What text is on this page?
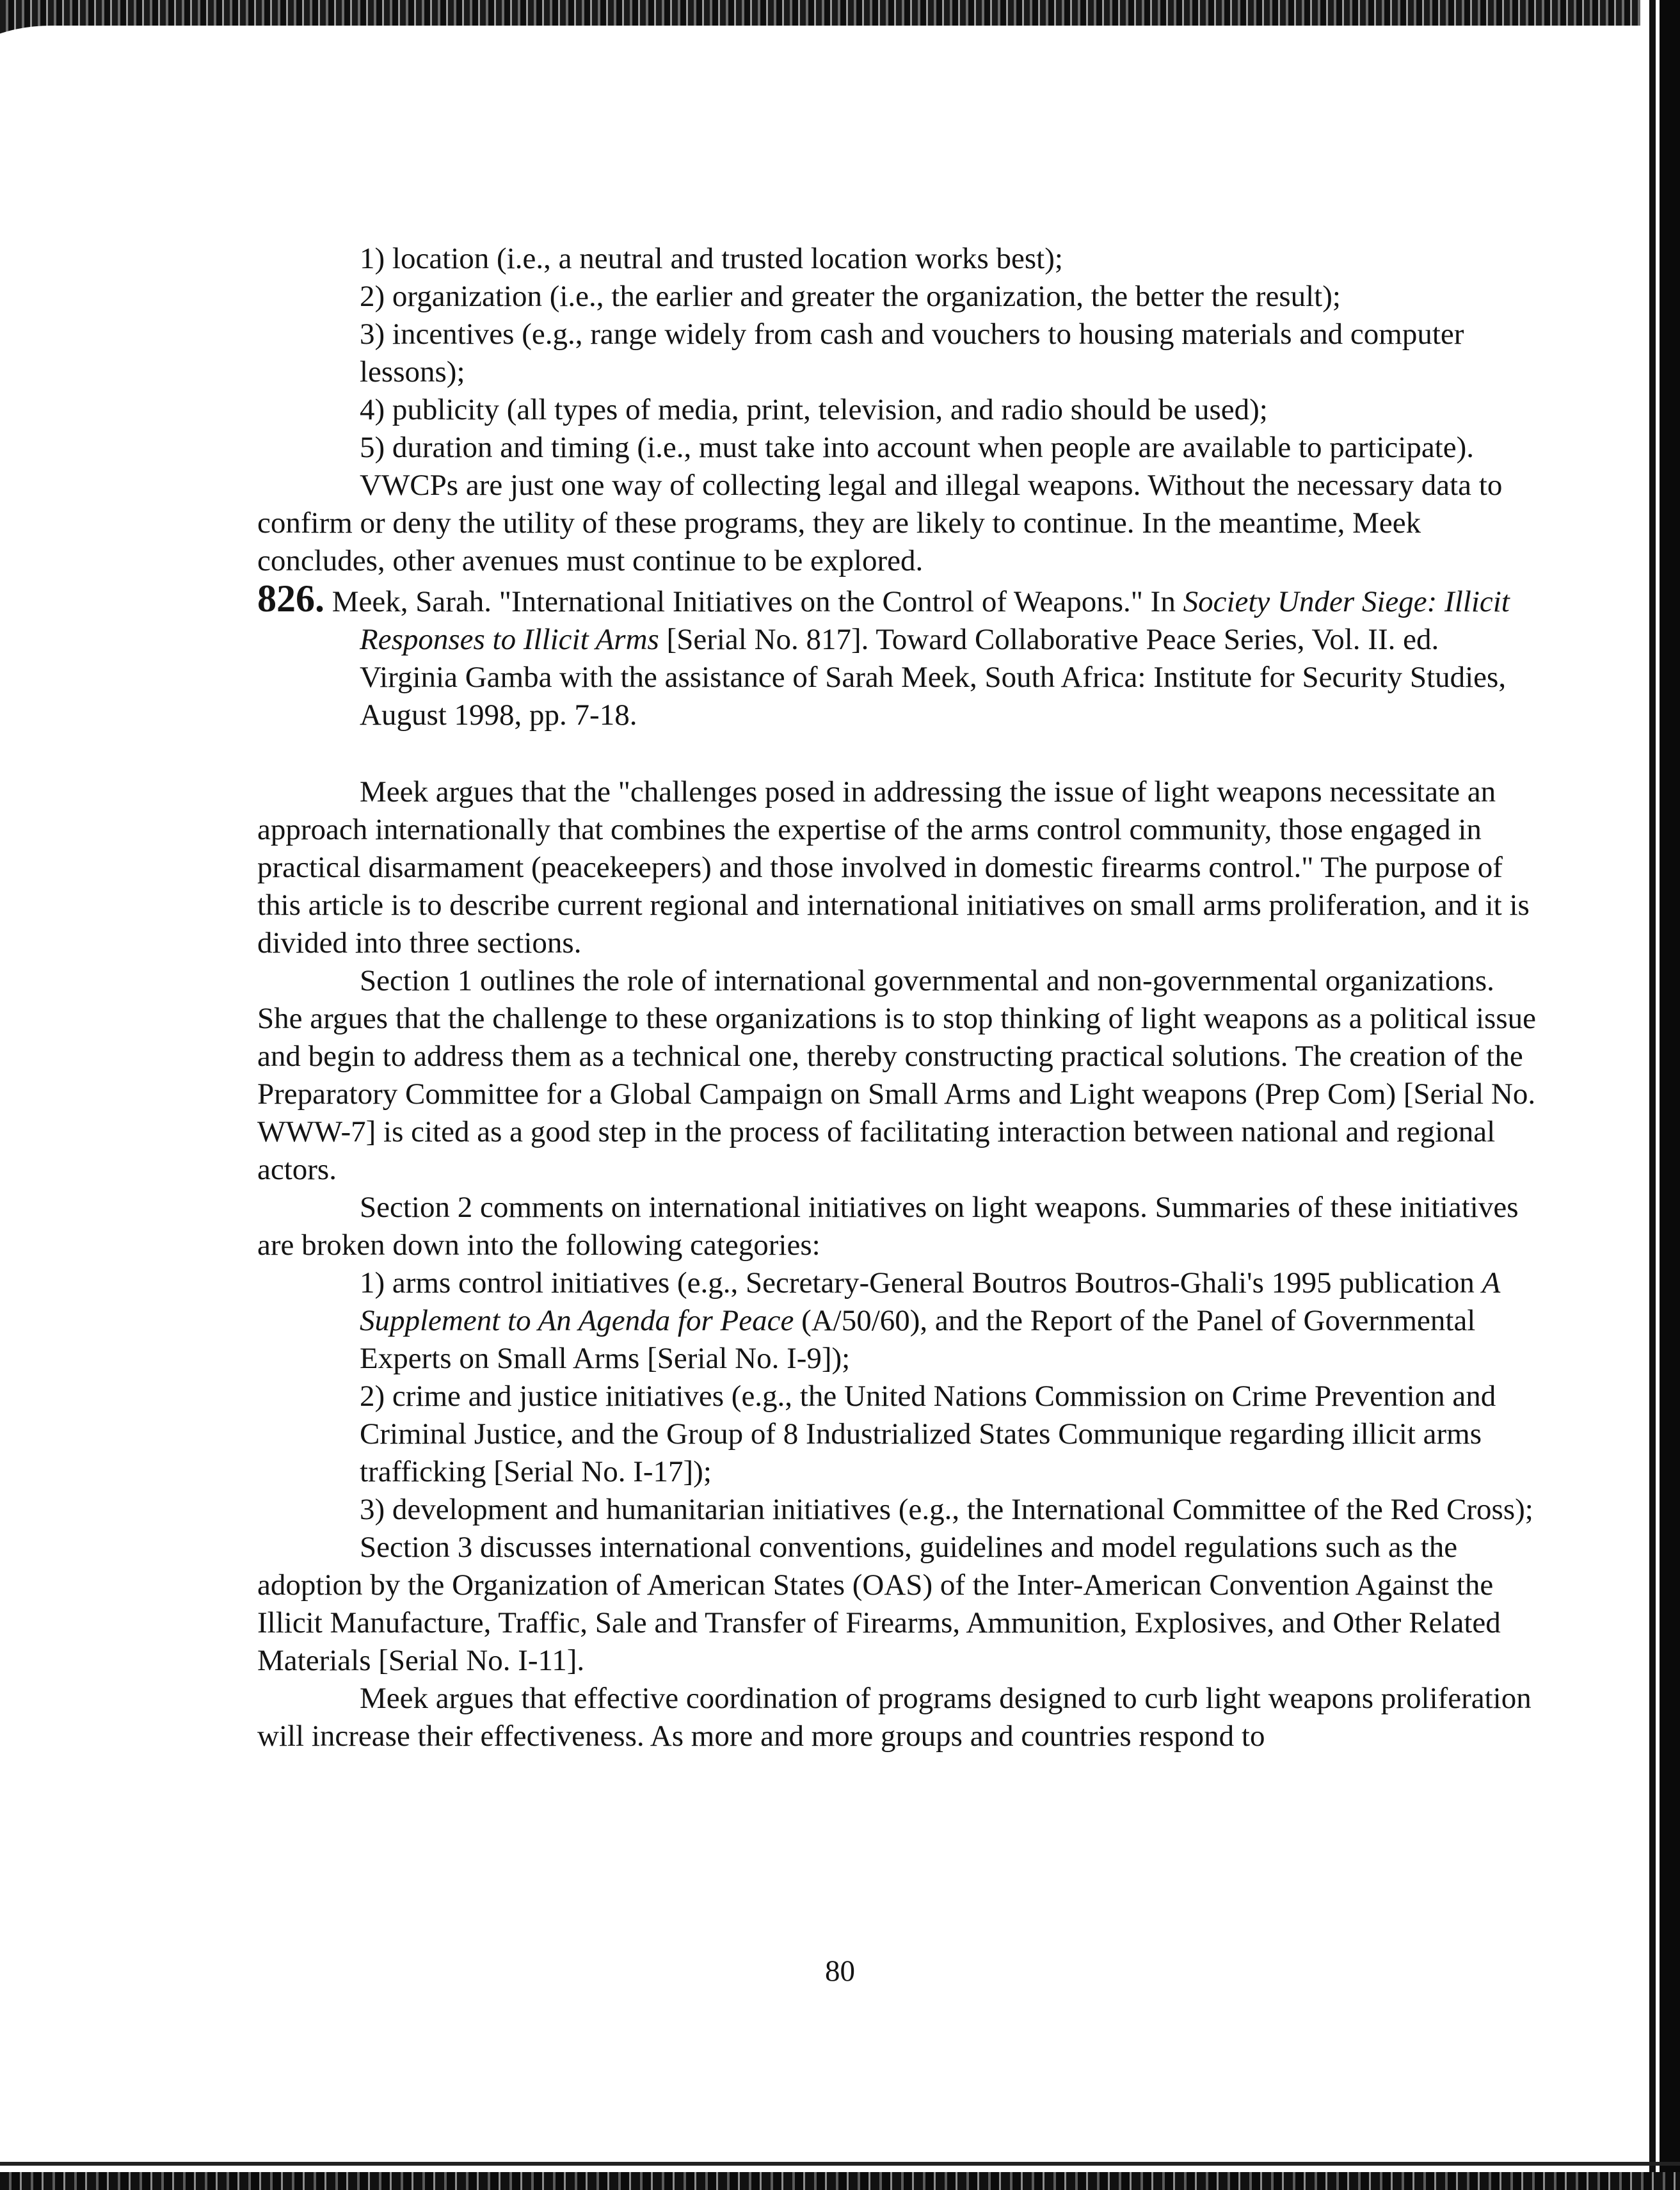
1) location (i.e., a neutral and trusted location works best);

2) organization (i.e., the earlier and greater the organization, the better the result);

3) incentives (e.g., range widely from cash and vouchers to housing materials and computer lessons);

4) publicity (all types of media, print, television, and radio should be used);

5) duration and timing (i.e., must take into account when people are available to participate).

VWCPs are just one way of collecting legal and illegal weapons. Without the necessary data to confirm or deny the utility of these programs, they are likely to continue. In the meantime, Meek concludes, other avenues must continue to be explored.

826. Meek, Sarah. "International Initiatives on the Control of Weapons." In Society Under Siege: Illicit Responses to Illicit Arms [Serial No. 817]. Toward Collaborative Peace Series, Vol. II. ed. Virginia Gamba with the assistance of Sarah Meek, South Africa: Institute for Security Studies, August 1998, pp. 7-18.

Meek argues that the "challenges posed in addressing the issue of light weapons necessitate an approach internationally that combines the expertise of the arms control community, those engaged in practical disarmament (peacekeepers) and those involved in domestic firearms control." The purpose of this article is to describe current regional and international initiatives on small arms proliferation, and it is divided into three sections.

Section 1 outlines the role of international governmental and non-governmental organizations. She argues that the challenge to these organizations is to stop thinking of light weapons as a political issue and begin to address them as a technical one, thereby constructing practical solutions. The creation of the Preparatory Committee for a Global Campaign on Small Arms and Light weapons (Prep Com) [Serial No. WWW-7] is cited as a good step in the process of facilitating interaction between national and regional actors.

Section 2 comments on international initiatives on light weapons. Summaries of these initiatives are broken down into the following categories:

1) arms control initiatives (e.g., Secretary-General Boutros Boutros-Ghali's 1995 publication A Supplement to An Agenda for Peace (A/50/60), and the Report of the Panel of Governmental Experts on Small Arms [Serial No. I-9]);

2) crime and justice initiatives (e.g., the United Nations Commission on Crime Prevention and Criminal Justice, and the Group of 8 Industrialized States Communique regarding illicit arms trafficking [Serial No. I-17]);

3) development and humanitarian initiatives (e.g., the International Committee of the Red Cross);

Section 3 discusses international conventions, guidelines and model regulations such as the adoption by the Organization of American States (OAS) of the Inter-American Convention Against the Illicit Manufacture, Traffic, Sale and Transfer of Firearms, Ammunition, Explosives, and Other Related Materials [Serial No. I-11].

Meek argues that effective coordination of programs designed to curb light weapons proliferation will increase their effectiveness. As more and more groups and countries respond to

80
